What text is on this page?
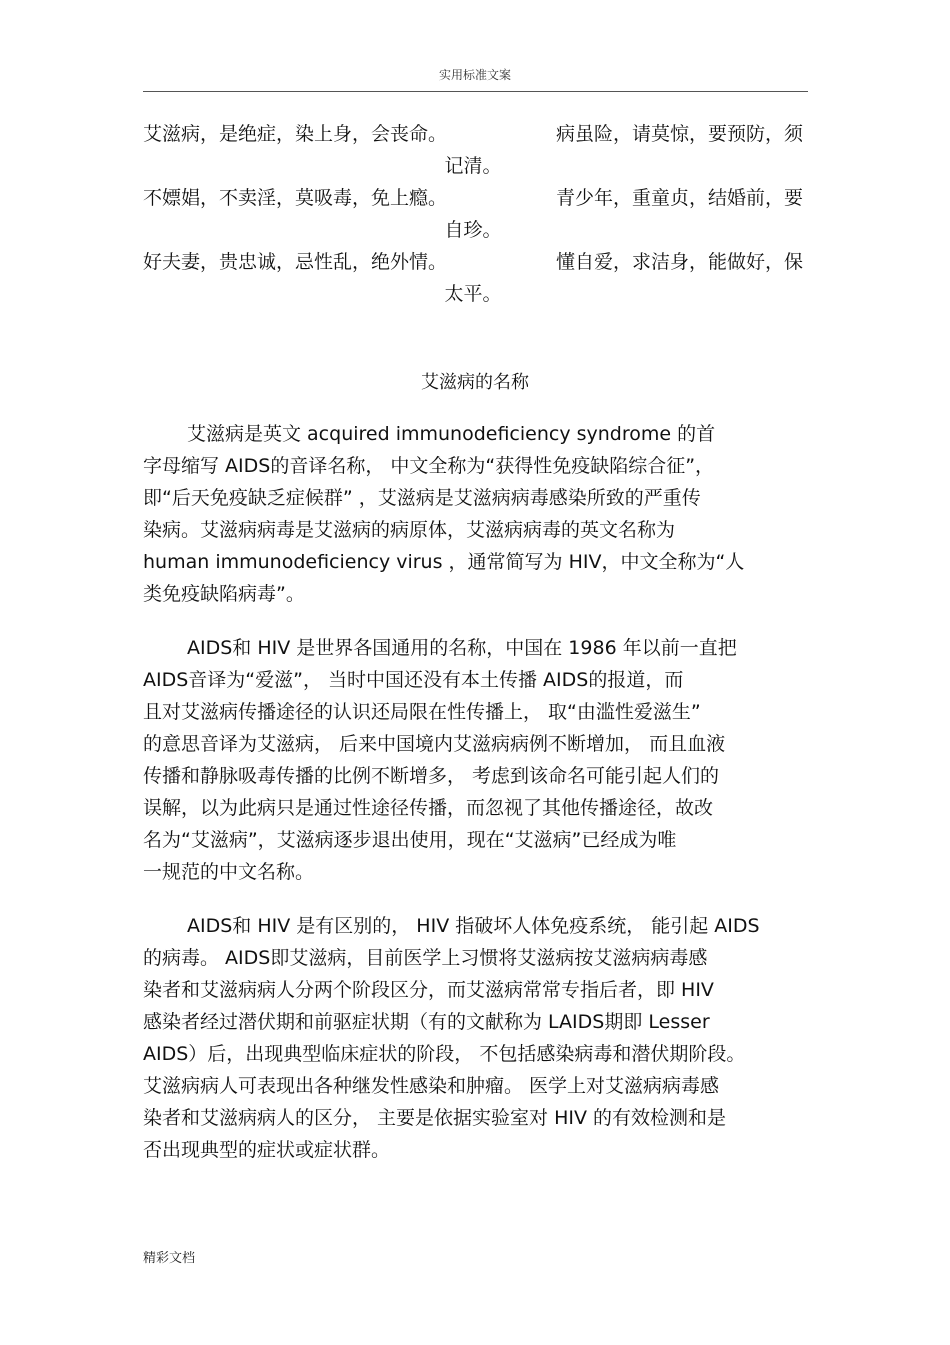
实用标准文案
艾滋病，是绝症，染上身，会丧命。	病虽险，请莫惊，要预防，须
记清。
不嫖娼，不卖淫，莫吸毒，免上瘾。	青少年，重童贞，结婚前，要
自珍。
好夫妻，贵忠诚，忌性乱，绝外情。	懂自爱，求洁身，能做好，保
太平。
艾滋病的名称
艾滋病是英文 acquired immunodeficiency syndrome 的首
字母缩写 AIDS的音译名称， 中文全称为“获得性免疫缺陷综合征”，
即“后天免疫缺乏症候群” ，艾滋病是艾滋病病毒感染所致的严重传
染病。艾滋病病毒是艾滋病的病原体，艾滋病病毒的英文名称为
human immunodeficiency virus ，通常简写为 HIV，中文全称为“人
类免疫缺陷病毒”。
AIDS和 HIV 是世界各国通用的名称，中国在 1986 年以前一直把
AIDS音译为“爱滋”， 当时中国还没有本土传播 AIDS的报道，而
且对艾滋病传播途径的认识还局限在性传播上， 取“由滥性爱滋生”
的意思音译为艾滋病， 后来中国境内艾滋病病例不断增加， 而且血液
传播和静脉吸毒传播的比例不断增多， 考虑到该命名可能引起人们的
误解，以为此病只是通过性途径传播，而忽视了其他传播途径，故改
名为“艾滋病”，艾滋病逐步退出使用，现在“艾滋病”已经成为唯
一规范的中文名称。
AIDS和 HIV 是有区别的， HIV 指破坏人体免疫系统， 能引起 AIDS
的病毒。 AIDS即艾滋病，目前医学上习惯将艾滋病按艾滋病病毒感
染者和艾滋病病人分两个阶段区分，而艾滋病常常专指后者，即 HIV
感染者经过潜伏期和前驱症状期（有的文献称为 LAIDS期即 Lesser
AIDS）后，出现典型临床症状的阶段， 不包括感染病毒和潜伏期阶段。
艾滋病病人可表现出各种继发性感染和肿瘤。 医学上对艾滋病病毒感
染者和艾滋病病人的区分， 主要是依据实验室对 HIV 的有效检测和是
否出现典型的症状或症状群。
精彩文档
